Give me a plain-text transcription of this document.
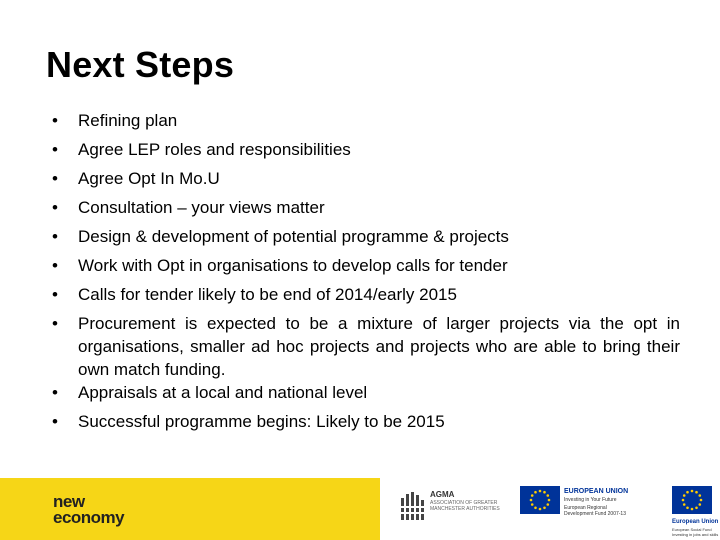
Next Steps
•	Refining plan
•	Agree LEP roles and responsibilities
•	Agree Opt In Mo.U
•	Consultation – your views matter
•	Design & development of potential programme & projects
•	Work with Opt in organisations to develop calls for tender
•	Calls for tender likely to be end of 2014/early 2015
•	Procurement is expected to be a mixture of larger projects via the opt in organisations, smaller ad hoc projects and projects who are able to bring their own match funding.
•	Appraisals at a local and national level
•	Successful programme begins: Likely to be 2015
new
economy
AGMA
ASSOCIATION OF GREATER MANCHESTER AUTHORITIES
EUROPEAN UNION
Investing in Your Future
European Regional
Development Fund 2007-13
European Union
European Social Fund
Investing in jobs and skills
